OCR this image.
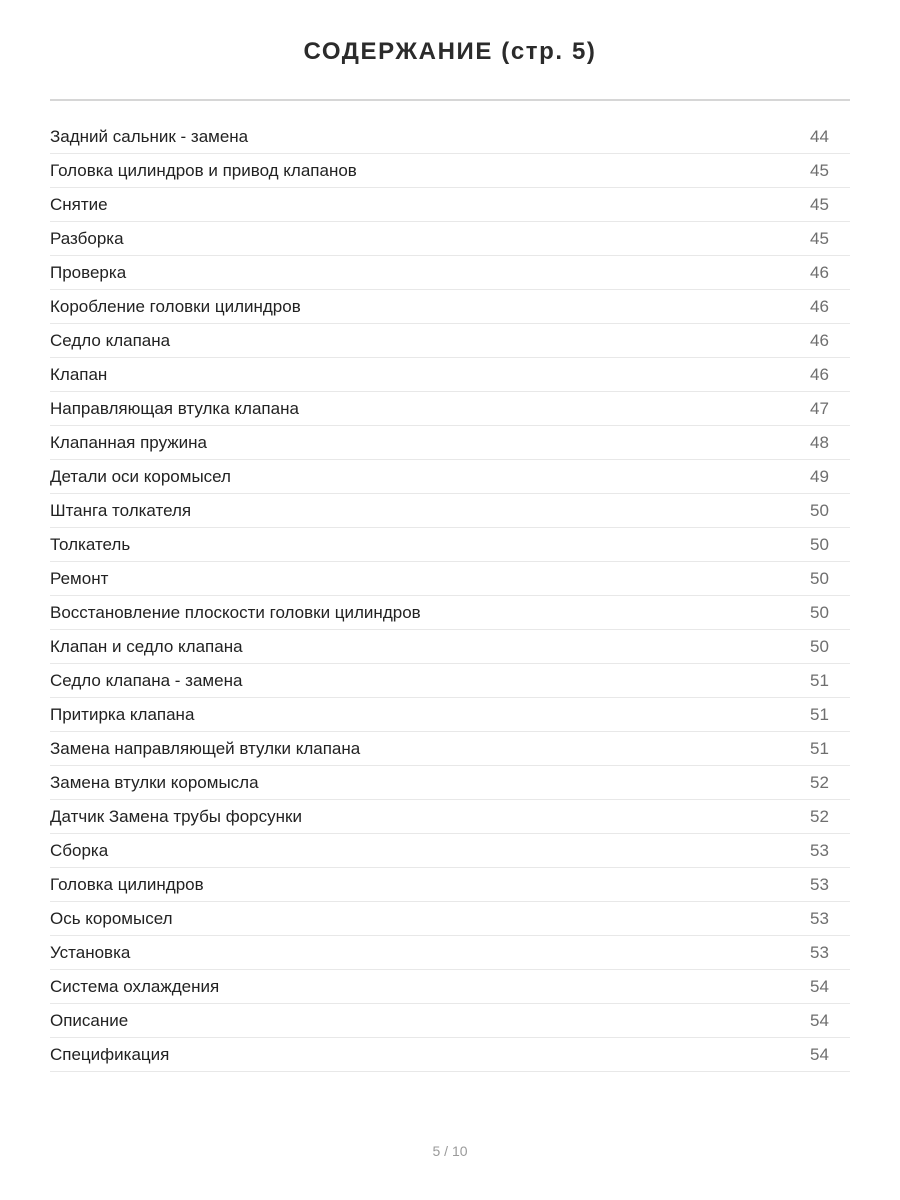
СОДЕРЖАНИЕ (стр. 5)
Задний сальник - замена	44
Головка цилиндров и привод клапанов	45
Снятие	45
Разборка	45
Проверка	46
Коробление головки цилиндров	46
Седло клапана	46
Клапан	46
Направляющая втулка клапана	47
Клапанная пружина	48
Детали оси коромысел	49
Штанга толкателя	50
Толкатель	50
Ремонт	50
Восстановление плоскости головки цилиндров	50
Клапан и седло клапана	50
Седло клапана - замена	51
Притирка клапана	51
Замена направляющей втулки клапана	51
Замена втулки коромысла	52
Датчик Замена трубы форсунки	52
Сборка	53
Головка цилиндров	53
Ось коромысел	53
Установка	53
Система охлаждения	54
Описание	54
Спецификация	54
5 / 10
